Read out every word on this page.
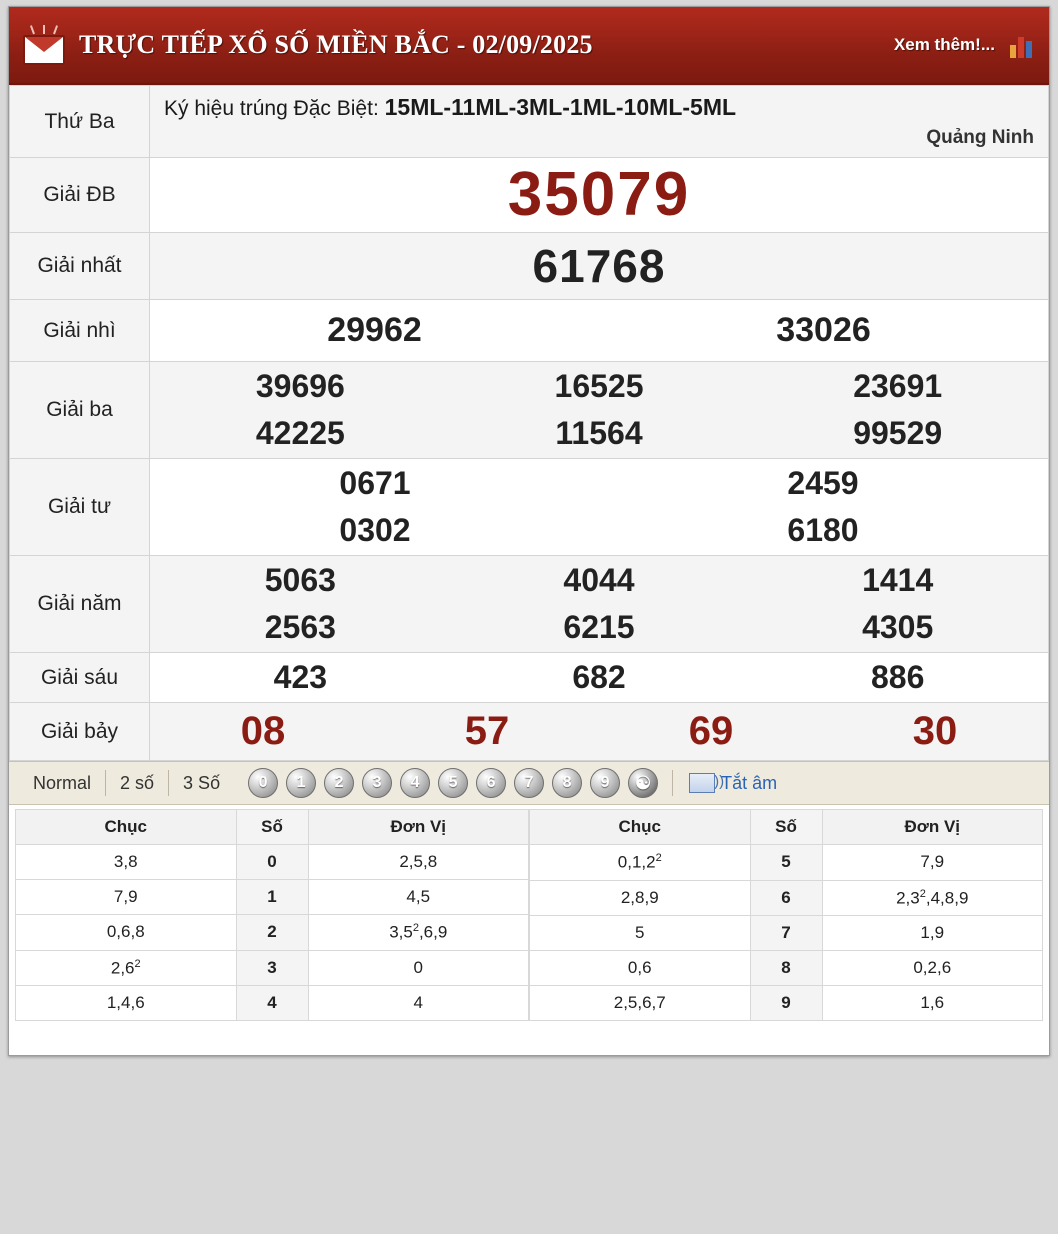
TRỰC TIẾP XỔ SỐ MIỀN BẮC - 02/09/2025	Xem thêm!...
Thứ Ba	Ký hiệu trúng Đặc Biệt: 15ML-11ML-3ML-1ML-10ML-5ML
Quảng Ninh

Giải ĐB	35079

Giải nhất	61768

Giải nhì	29962 33026

Giải ba	
39696	16525	23691
42225	11564	99529

Giải tư	0671 2459
0302 6180

Giải năm	
5063	4044	1414
2563	6215	4305

Giải sáu	423 682 886

Giải bảy	08 57 69 30
Normal	2 số	3 Số	0	1	2	3	4	5	6	7	8	9	☯ ))	Tắt âm
Chục	Số	Đơn Vị
3,8	0	2,5,8
7,9	1	4,5
0,6,8	2	$3,5^2,6,9$
$2,6^2$	3	0
1,4,6	4	4
Chục	Số	Đơn Vị
0,1,2$^2$	5	7,9
2,8,9	6	$2,3^2,4,8,9$
5	7	1,9
0,6	8	0,2,6
2,5,6,7	9	1,6
